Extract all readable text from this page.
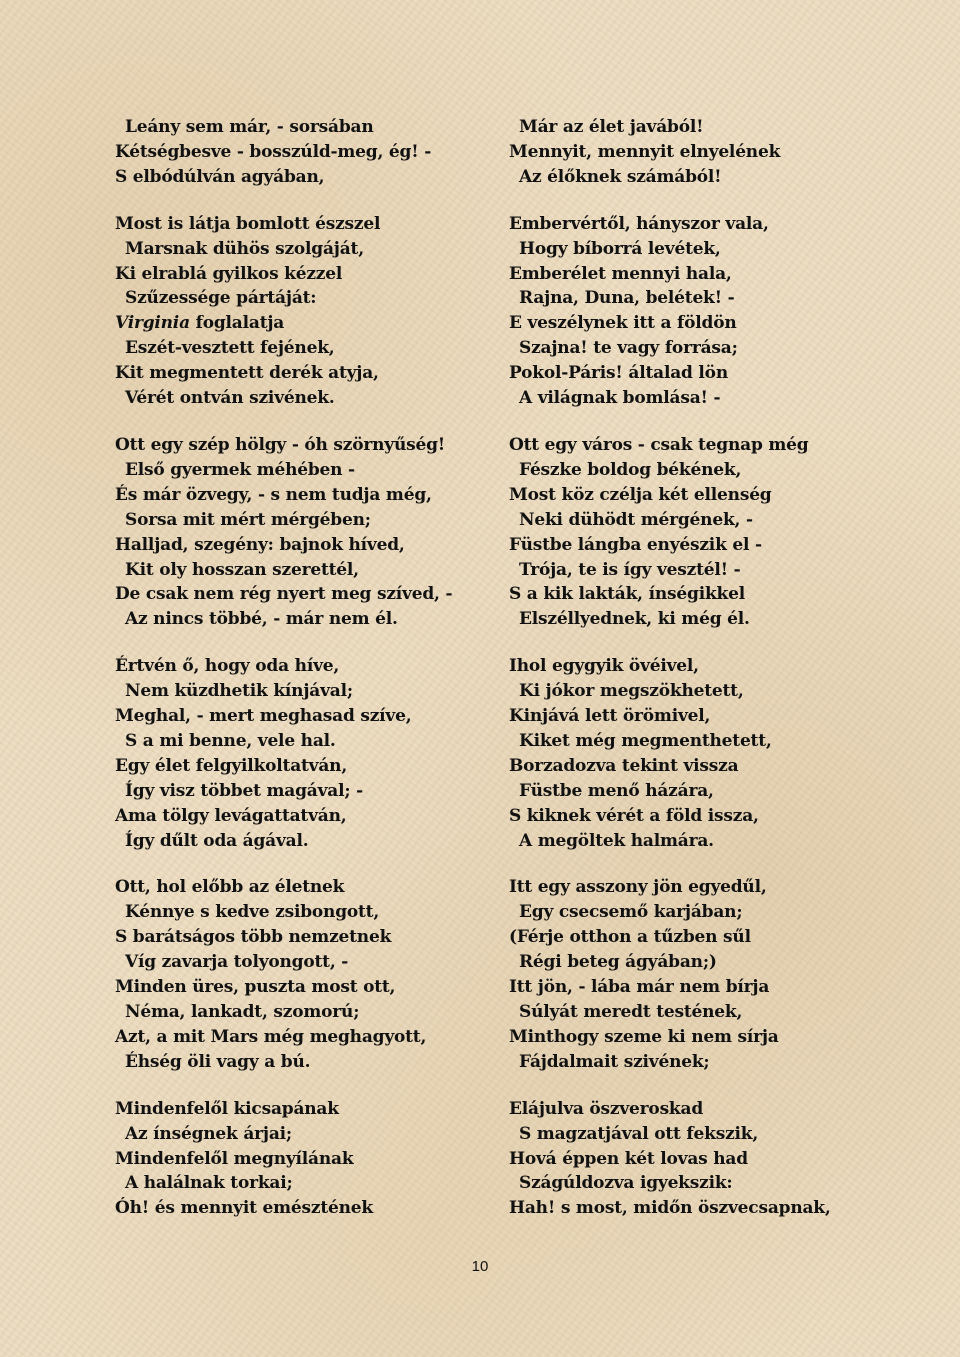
Leány sem már, - sorsában
Kétségbesve - bosszúld-meg, ég! -
S elbódúlván agyában,
Most is látja bomlott észszel
Marsnak dühös szolgáját,
Ki elrablá gyilkos kézzel
Szűzessége pártáját:
Virginia foglalatja
Eszét-vesztett fejének,
Kit megmentett derék atyja,
Vérét ontván szivének.
Ott egy szép hölgy - óh szörnyűség!
Első gyermek méhében -
És már özvegy, - s nem tudja még,
Sorsa mit mért mérgében;
Halljad, szegény: bajnok híved,
Kit oly hosszan szerettél,
De csak nem rég nyert meg szíved, -
Az nincs többé, - már nem él.
Értvén ő, hogy oda híve,
Nem küzdhetik kínjával;
Meghal, - mert meghasad szíve,
S a mi benne, vele hal.
Egy élet felgyilkoltatván,
Így visz többet magával; -
Ama tölgy levágattatván,
Így dűlt oda ágával.
Ott, hol előbb az életnek
Kénnye s kedve zsibongott,
S barátságos több nemzetnek
Víg zavarja tolyongott, -
Minden üres, puszta most ott,
Néma, lankadt, szomorú;
Azt, a mit Mars még meghagyott,
Éhség öli vagy a bú.
Mindenfelől kicsapának
Az ínségnek árjai;
Mindenfelől megnyílának
A halálnak torkai;
Óh! és mennyit emésztének
Már az élet javából!
Mennyit, mennyit elnyelének
Az élőknek számából!
Embervértől, hányszor vala,
Hogy bíborrá levétek,
Emberélet mennyi hala,
Rajna, Duna, belétek! -
E veszélynek itt a földön
Szajna! te vagy forrása;
Pokol-Páris! általad lön
A világnak bomlása! -
Ott egy város - csak tegnap még
Fészke boldog békének,
Most köz czélja két ellenség
Neki dühödt mérgének, -
Füstbe lángba enyészik el -
Trója, te is így vesztél! -
S a kik lakták, ínségikkel
Elszéllyednek, ki még él.
Ihol egygyik övéivel,
Ki jókor megszökhetett,
Kinjává lett örömivel,
Kiket még megmenthetett,
Borzadozva tekint vissza
Füstbe menő házára,
S kiknek vérét a föld issza,
A megöltek halmára.
Itt egy asszony jön egyedűl,
Egy csecsemő karjában;
(Férje otthon a tűzben sűl
Régi beteg ágyában;)
Itt jön, - lába már nem bírja
Súlyát meredt testének,
Minthogy szeme ki nem sírja
Fájdalmait szivének;
Elájulva öszveroskad
S magzatjával ott fekszik,
Hová éppen két lovas had
Szágúldozva igyekszik:
Hah! s most, midőn öszvecsapnak,
10
